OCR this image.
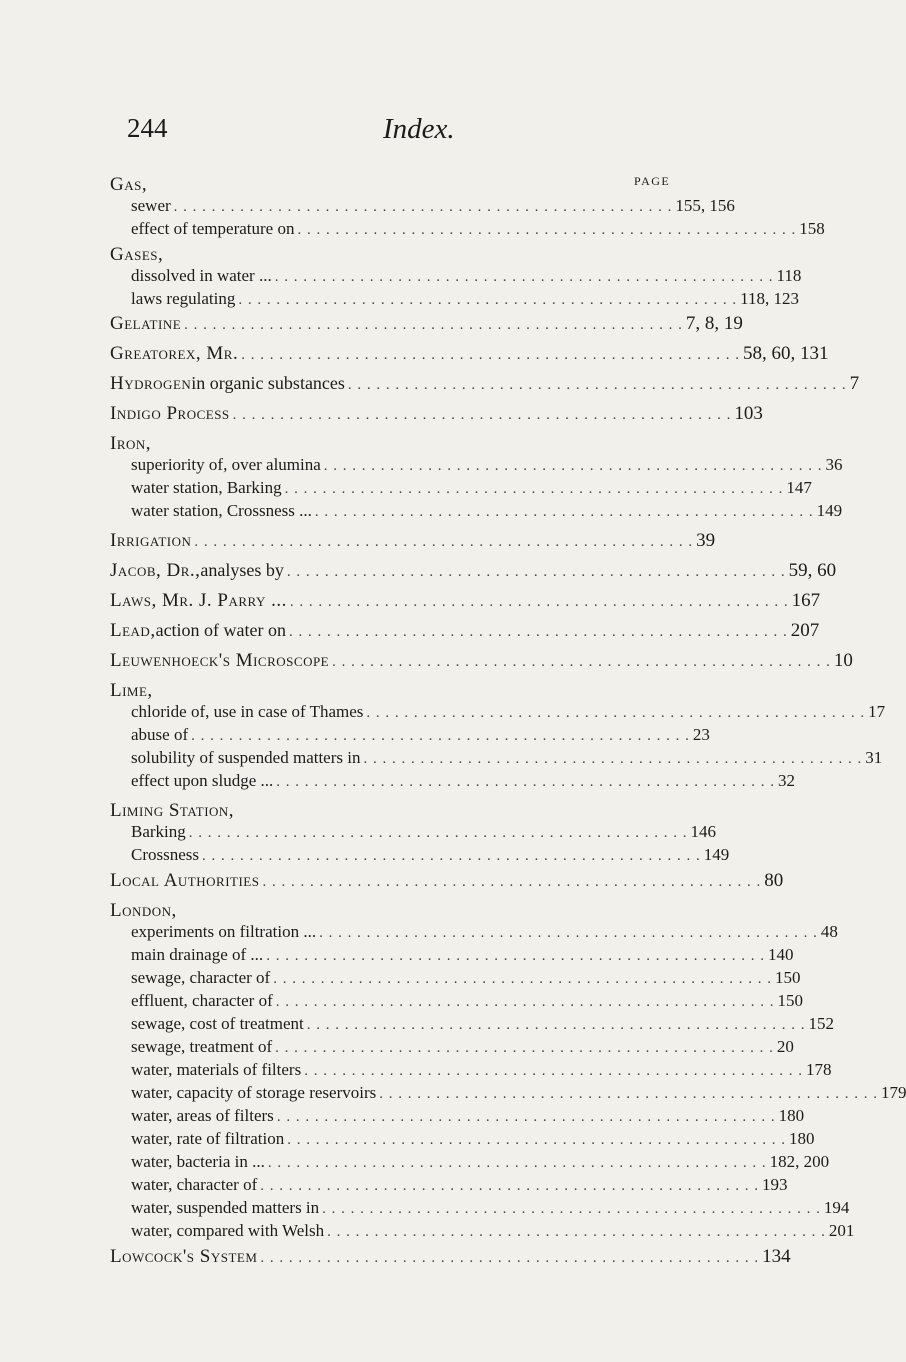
244	Index.
PAGE
Gas,
sewer . . . . . . . . . . . . . . . . . . . . . . . . . . . . . . . . . . . . . . . . . . . . . . . . . . . . . 155, 156
effect of temperature on . . . . . . . . . . . . . . . . . . . . . . . . . . . . . . . . . . . . . . . . . . . . . . . . . . . . . 158
Gases,
dissolved in water ... . . . . . . . . . . . . . . . . . . . . . . . . . . . . . . . . . . . . . . . . . . . . . . . . . . . . . 118
laws regulating . . . . . . . . . . . . . . . . . . . . . . . . . . . . . . . . . . . . . . . . . . . . . . . . . . . . . 118, 123
Gelatine . . . . . . . . . . . . . . . . . . . . . . . . . . . . . . . . . . . . . . . . . . . . . . . . . . . . . 7, 8, 19
Greatorex, Mr. . . . . . . . . . . . . . . . . . . . . . . . . . . . . . . . . . . . . . . . . . . . . . . . . . . . . . 58, 60, 131
Hydrogen in organic substances . . . . . . . . . . . . . . . . . . . . . . . . . . . . . . . . . . . . . . . . . . . . . . . . . . . . . 7
Indigo Process . . . . . . . . . . . . . . . . . . . . . . . . . . . . . . . . . . . . . . . . . . . . . . . . . . . . . 103
Iron,
superiority of, over alumina . . . . . . . . . . . . . . . . . . . . . . . . . . . . . . . . . . . . . . . . . . . . . . . . . . . . . 36
water station, Barking . . . . . . . . . . . . . . . . . . . . . . . . . . . . . . . . . . . . . . . . . . . . . . . . . . . . . 147
water station, Crossness ... . . . . . . . . . . . . . . . . . . . . . . . . . . . . . . . . . . . . . . . . . . . . . . . . . . . . . 149
Irrigation . . . . . . . . . . . . . . . . . . . . . . . . . . . . . . . . . . . . . . . . . . . . . . . . . . . . . 39
Jacob, Dr., analyses by . . . . . . . . . . . . . . . . . . . . . . . . . . . . . . . . . . . . . . . . . . . . . . . . . . . . . 59, 60
Laws, Mr. J. Parry ... . . . . . . . . . . . . . . . . . . . . . . . . . . . . . . . . . . . . . . . . . . . . . . . . . . . . . 167
Lead, action of water on . . . . . . . . . . . . . . . . . . . . . . . . . . . . . . . . . . . . . . . . . . . . . . . . . . . . . 207
Leuwenhoeck's Microscope . . . . . . . . . . . . . . . . . . . . . . . . . . . . . . . . . . . . . . . . . . . . . . . . . . . . . 10
Lime,
chloride of, use in case of Thames . . . . . . . . . . . . . . . . . . . . . . . . . . . . . . . . . . . . . . . . . . . . . . . . . . . . . 17
abuse of . . . . . . . . . . . . . . . . . . . . . . . . . . . . . . . . . . . . . . . . . . . . . . . . . . . . . 23
solubility of suspended matters in . . . . . . . . . . . . . . . . . . . . . . . . . . . . . . . . . . . . . . . . . . . . . . . . . . . . . 31
effect upon sludge ... . . . . . . . . . . . . . . . . . . . . . . . . . . . . . . . . . . . . . . . . . . . . . . . . . . . . . 32
Liming Station,
Barking . . . . . . . . . . . . . . . . . . . . . . . . . . . . . . . . . . . . . . . . . . . . . . . . . . . . . 146
Crossness . . . . . . . . . . . . . . . . . . . . . . . . . . . . . . . . . . . . . . . . . . . . . . . . . . . . . 149
Local Authorities . . . . . . . . . . . . . . . . . . . . . . . . . . . . . . . . . . . . . . . . . . . . . . . . . . . . . 80
London,
experiments on filtration ... . . . . . . . . . . . . . . . . . . . . . . . . . . . . . . . . . . . . . . . . . . . . . . . . . . . . . 48
main drainage of ... . . . . . . . . . . . . . . . . . . . . . . . . . . . . . . . . . . . . . . . . . . . . . . . . . . . . . 140
sewage, character of . . . . . . . . . . . . . . . . . . . . . . . . . . . . . . . . . . . . . . . . . . . . . . . . . . . . . 150
effluent, character of . . . . . . . . . . . . . . . . . . . . . . . . . . . . . . . . . . . . . . . . . . . . . . . . . . . . . 150
sewage, cost of treatment . . . . . . . . . . . . . . . . . . . . . . . . . . . . . . . . . . . . . . . . . . . . . . . . . . . . . 152
sewage, treatment of . . . . . . . . . . . . . . . . . . . . . . . . . . . . . . . . . . . . . . . . . . . . . . . . . . . . . 20
water, materials of filters . . . . . . . . . . . . . . . . . . . . . . . . . . . . . . . . . . . . . . . . . . . . . . . . . . . . . 178
water, capacity of storage reservoirs . . . . . . . . . . . . . . . . . . . . . . . . . . . . . . . . . . . . . . . . . . . . . . . . . . . . . 179
water, areas of filters . . . . . . . . . . . . . . . . . . . . . . . . . . . . . . . . . . . . . . . . . . . . . . . . . . . . . 180
water, rate of filtration . . . . . . . . . . . . . . . . . . . . . . . . . . . . . . . . . . . . . . . . . . . . . . . . . . . . . 180
water, bacteria in ... . . . . . . . . . . . . . . . . . . . . . . . . . . . . . . . . . . . . . . . . . . . . . . . . . . . . . 182, 200
water, character of . . . . . . . . . . . . . . . . . . . . . . . . . . . . . . . . . . . . . . . . . . . . . . . . . . . . . 193
water, suspended matters in . . . . . . . . . . . . . . . . . . . . . . . . . . . . . . . . . . . . . . . . . . . . . . . . . . . . . 194
water, compared with Welsh . . . . . . . . . . . . . . . . . . . . . . . . . . . . . . . . . . . . . . . . . . . . . . . . . . . . . 201
Lowcock's System . . . . . . . . . . . . . . . . . . . . . . . . . . . . . . . . . . . . . . . . . . . . . . . . . . . . . 134
